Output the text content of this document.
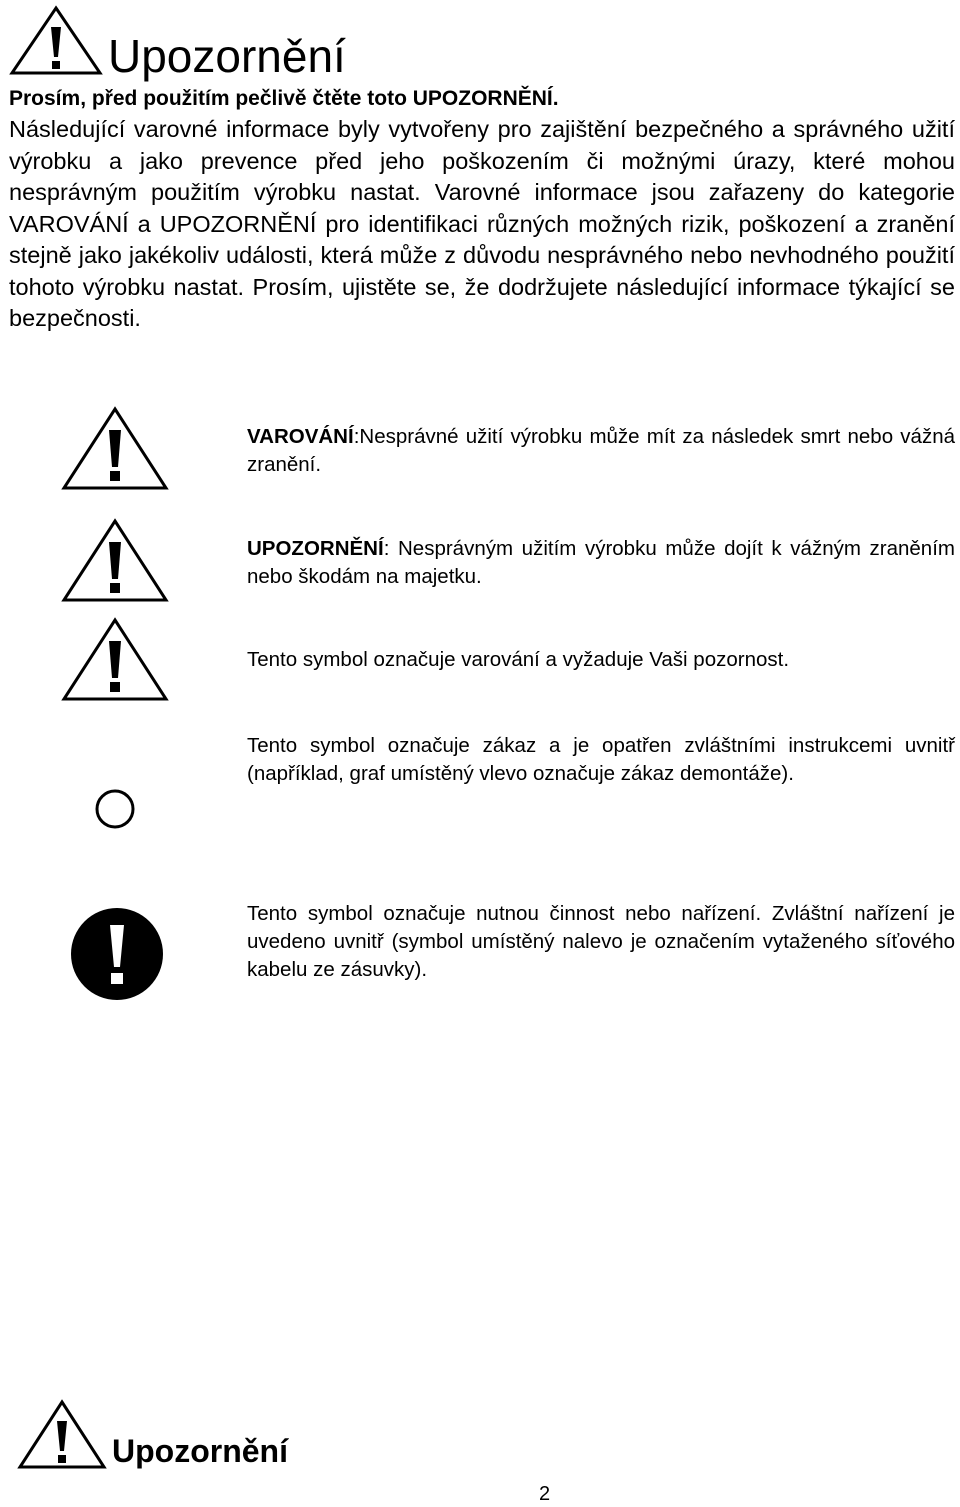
Upozornění
Prosím, před použitím pečlivě čtěte toto UPOZORNĚNÍ.
Následující varovné informace byly vytvořeny pro zajištění bezpečného a správného užití výrobku a jako prevence před jeho poškozením či možnými úrazy, které mohou nesprávným použitím výrobku nastat. Varovné informace jsou zařazeny do kategorie VAROVÁNÍ a UPOZORNĚNÍ pro identifikaci různých možných rizik, poškození a zranění stejně jako jakékoliv události, která může z důvodu nesprávného nebo nevhodného použití tohoto výrobku nastat. Prosím, ujistěte se, že dodržujete následující informace týkající se bezpečnosti.
VAROVÁNÍ:Nesprávné užití výrobku může mít za následek smrt nebo vážná zranění.
UPOZORNĚNÍ: Nesprávným užitím výrobku může dojít k vážným zraněním nebo škodám na majetku.
Tento symbol označuje varování a vyžaduje Vaši pozornost.
Tento symbol označuje zákaz a je opatřen zvláštními instrukcemi uvnitř (například, graf umístěný vlevo označuje zákaz demontáže).
Tento symbol označuje nutnou činnost nebo nařízení. Zvláštní nařízení je uvedeno uvnitř (symbol umístěný nalevo je označením vytaženého síťového kabelu ze zásuvky).
Upozornění
2
